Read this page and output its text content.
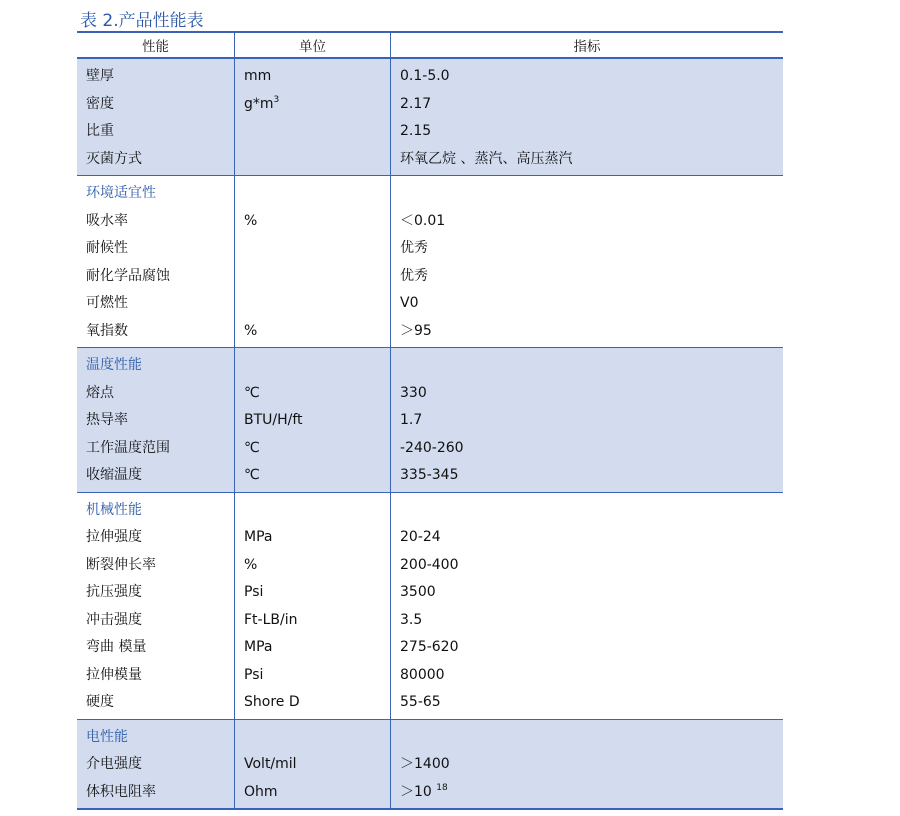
表 2.产品性能表
性能	单位	指标
壁厚
密度
比重
灭菌方式
mm
$g*m^3$
0.1-5.0
2.17
2.15
环氧乙烷 、蒸汽、高压蒸汽
环境适宜性
吸水率
耐候性
耐化学品腐蚀
可燃性
氧指数
%
%
＜0.01
优秀
优秀
V0
＞95
温度性能
熔点
热导率
工作温度范围
收缩温度
℃
BTU/H/ft
℃
℃
330
1.7
-240-260
335-345
机械性能
拉伸强度
断裂伸长率
抗压强度
冲击强度
弯曲 模量
拉伸模量
硬度
MPa
%
Psi
Ft-LB/in
MPa
Psi
Shore D
20-24
200-400
3500
3.5
275-620
80000
55-65
电性能
介电强度
体积电阻率
Volt/mil
Ohm
＞1400
＞10 $^{18}$
